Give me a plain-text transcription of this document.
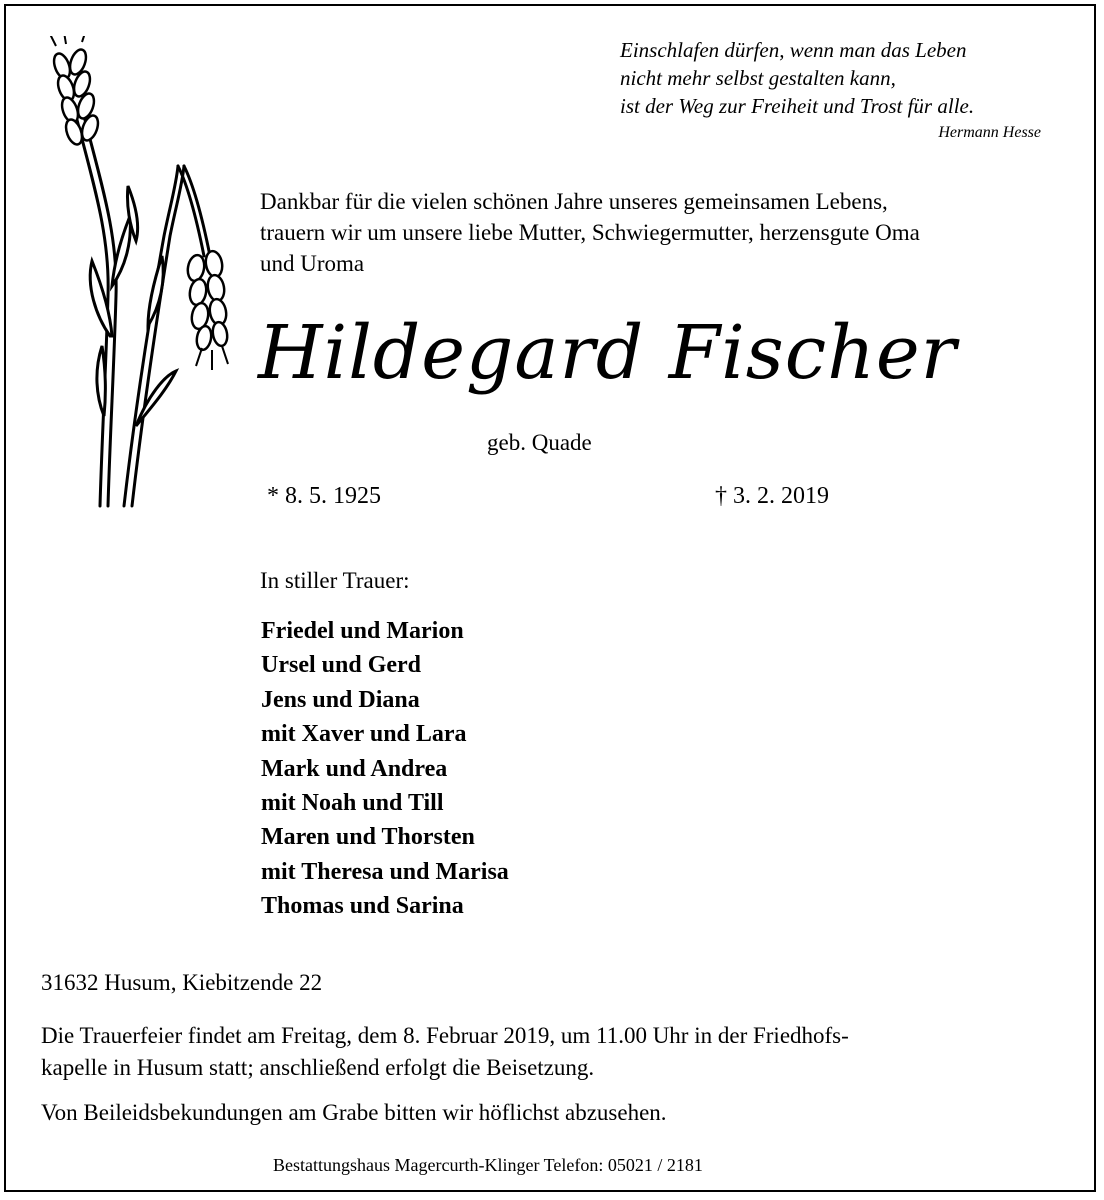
Einschlafen dürfen, wenn man das Leben
nicht mehr selbst gestalten kann,
ist der Weg zur Freiheit und Trost für alle.
Hermann Hesse
Dankbar für die vielen schönen Jahre unseres gemeinsamen Lebens,
trauern wir um unsere liebe Mutter, Schwiegermutter, herzensgute Oma
und Uroma
Hildegard Fischer
geb. Quade
* 8. 5. 1925	† 3. 2. 2019
In stiller Trauer:
Friedel und Marion
Ursel und Gerd
Jens und Diana
mit Xaver und Lara
Mark und Andrea
mit Noah und Till
Maren und Thorsten
mit Theresa und Marisa
Thomas und Sarina
31632 Husum, Kiebitzende 22
Die Trauerfeier findet am Freitag, dem 8. Februar 2019, um 11.00 Uhr in der Friedhofs-
kapelle in Husum statt; anschließend erfolgt die Beisetzung.
Von Beileidsbekundungen am Grabe bitten wir höflichst abzusehen.
Bestattungshaus Magercurth-Klinger Telefon: 05021 / 2181
